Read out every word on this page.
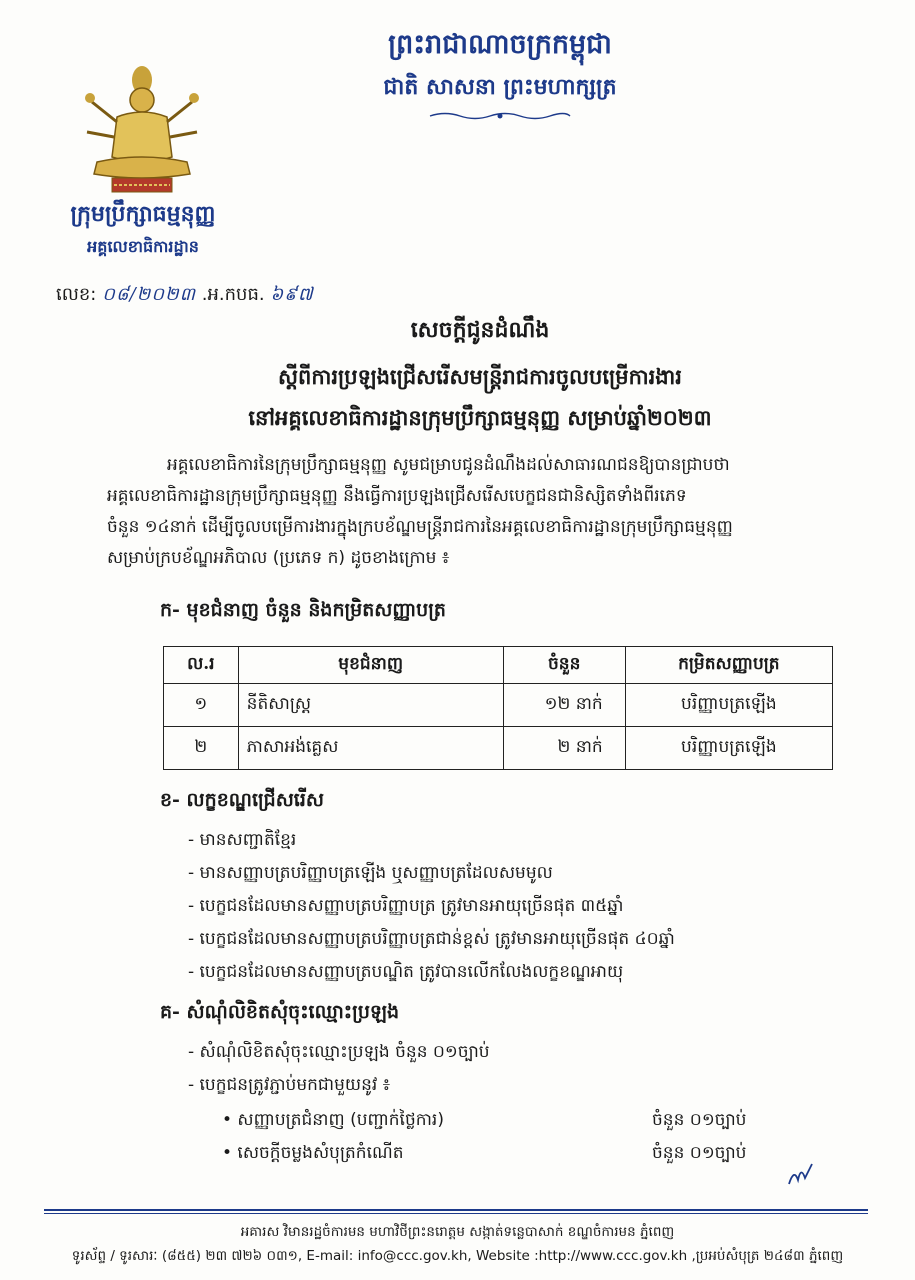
ព្រះរាជាណាចក្រកម្ពុជា
ជាតិ សាសនា ព្រះមហាក្សត្រ
ក្រុមប្រឹក្សាធម្មនុញ្ញ
អគ្គលេខាធិការដ្ឋាន
លេខ: ០៨/២០២៣ .អ.កបធ. ៦៩៧
សេចក្តីជូនដំណឹង
ស្តីពីការប្រឡងជ្រើសរើសមន្ត្រីរាជការចូលបម្រើការងារ
នៅអគ្គលេខាធិការដ្ឋានក្រុមប្រឹក្សាធម្មនុញ្ញ សម្រាប់ឆ្នាំ២០២៣
អគ្គលេខាធិការនៃក្រុមប្រឹក្សាធម្មនុញ្ញ សូមជម្រាបជូនដំណឹងដល់សាធារណជនឱ្យបានជ្រាបថា
អគ្គលេខាធិការដ្ឋានក្រុមប្រឹក្សាធម្មនុញ្ញ នឹងធ្វើការប្រឡងជ្រើសរើសបេក្ខជនជានិស្សិតទាំងពីរភេទ
ចំនួន ១៤នាក់ ដើម្បីចូលបម្រើការងារក្នុងក្របខ័ណ្ឌមន្ត្រីរាជការនៃអគ្គលេខាធិការដ្ឋានក្រុមប្រឹក្សាធម្មនុញ្ញ
សម្រាប់ក្របខ័ណ្ឌអភិបាល (ប្រភេទ ក) ដូចខាងក្រោម ៖
ក- មុខជំនាញ ចំនួន និងកម្រិតសញ្ញាបត្រ
ល.រ	មុខជំនាញ	ចំនួន	កម្រិតសញ្ញាបត្រ
១	នីតិសាស្ត្រ	១២ នាក់	បរិញ្ញាបត្រឡើង
២	ភាសាអង់គ្លេស	២ នាក់	បរិញ្ញាបត្រឡើង
ខ- លក្ខខណ្ឌជ្រើសរើស
- មានសញ្ជាតិខ្មែរ
- មានសញ្ញាបត្របរិញ្ញាបត្រឡើង ឬសញ្ញាបត្រដែលសមមូល
- បេក្ខជនដែលមានសញ្ញាបត្របរិញ្ញាបត្រ ត្រូវមានអាយុច្រើនផុត ៣៥ឆ្នាំ
- បេក្ខជនដែលមានសញ្ញាបត្របរិញ្ញាបត្រជាន់ខ្ពស់ ត្រូវមានអាយុច្រើនផុត ៤០ឆ្នាំ
- បេក្ខជនដែលមានសញ្ញាបត្របណ្ឌិត ត្រូវបានលើកលែងលក្ខខណ្ឌអាយុ
គ- សំណុំលិខិតសុំចុះឈ្មោះប្រឡង
- សំណុំលិខិតសុំចុះឈ្មោះប្រឡង ចំនួន ០១ច្បាប់
- បេក្ខជនត្រូវភ្ជាប់មកជាមួយនូវ ៖
• សញ្ញាបត្រជំនាញ (បញ្ជាក់ថ្លៃការ)	ចំនួន ០១ច្បាប់
• សេចក្តីចម្លងសំបុត្រកំណើត	ចំនួន ០១ច្បាប់
អគារស វិមានរដ្ឋចំការមន មហាវិថីព្រះនរោត្តម សង្កាត់ទន្លេបាសាក់ ខណ្ឌចំការមន ភ្នំពេញ
ទូរស័ព្ទ / ទូរសារៈ (៨៥៥) ២៣ ៧២៦ ០៣១, E-mail: info@ccc.gov.kh, Website :http://www.ccc.gov.kh ,ប្រអប់សំបុត្រ ២៤៨៣ ភ្នំពេញ
